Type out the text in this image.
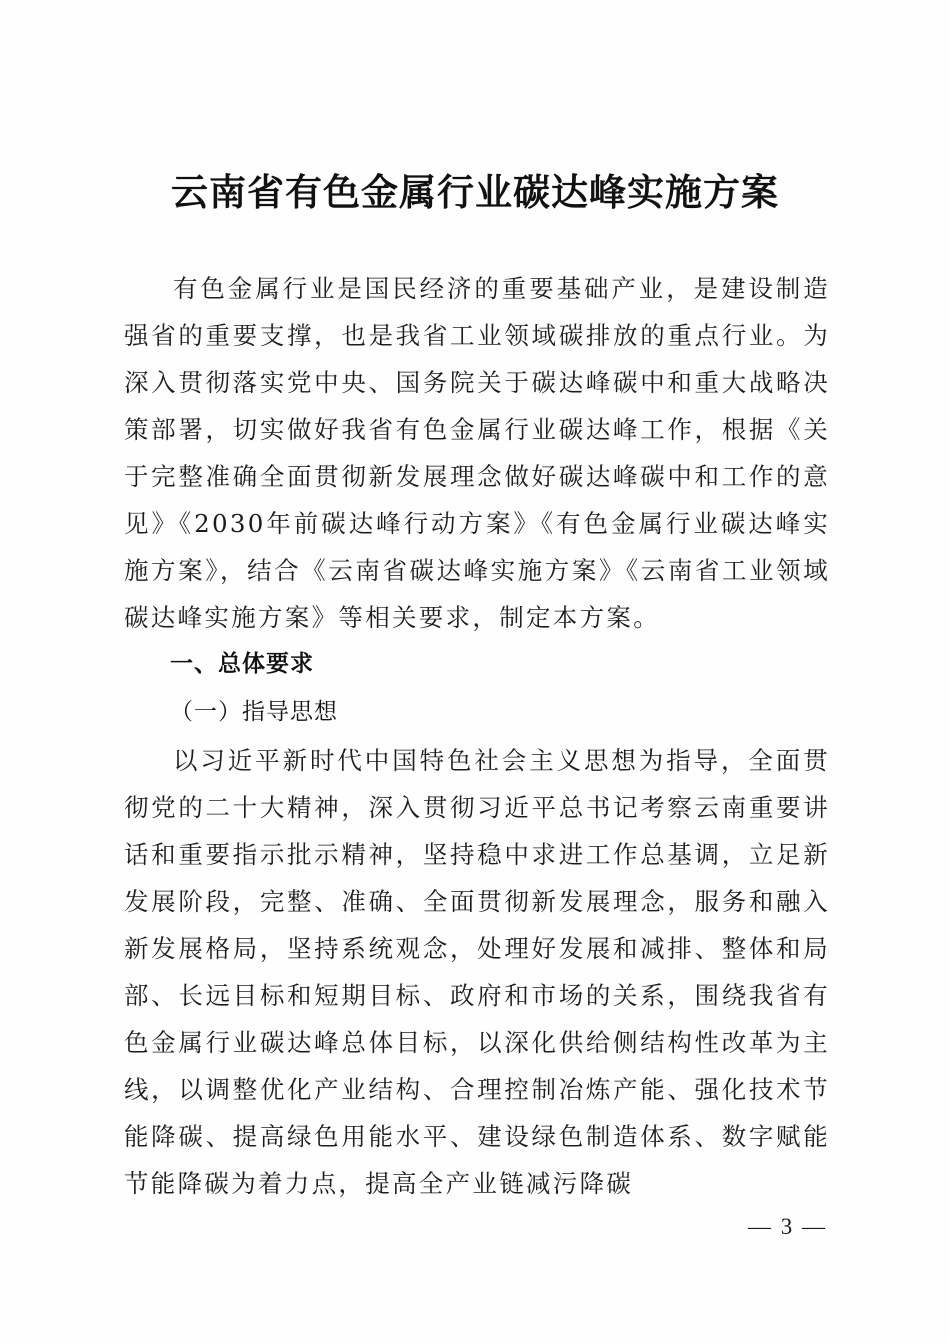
云南省有色金属行业碳达峰实施方案

有色金属行业是国民经济的重要基础产业，是建设制造强省的重要支撑，也是我省工业领域碳排放的重点行业。为深入贯彻落实党中央、国务院关于碳达峰碳中和重大战略决策部署，切实做好我省有色金属行业碳达峰工作，根据《关于完整准确全面贯彻新发展理念做好碳达峰碳中和工作的意见》《2030年前碳达峰行动方案》《有色金属行业碳达峰实施方案》，结合《云南省碳达峰实施方案》《云南省工业领域碳达峰实施方案》等相关要求，制定本方案。

一、总体要求

（一）指导思想

以习近平新时代中国特色社会主义思想为指导，全面贯彻党的二十大精神，深入贯彻习近平总书记考察云南重要讲话和重要指示批示精神，坚持稳中求进工作总基调，立足新发展阶段，完整、准确、全面贯彻新发展理念，服务和融入新发展格局，坚持系统观念，处理好发展和减排、整体和局部、长远目标和短期目标、政府和市场的关系，围绕我省有色金属行业碳达峰总体目标，以深化供给侧结构性改革为主线，以调整优化产业结构、合理控制冶炼产能、强化技术节能降碳、提高绿色用能水平、建设绿色制造体系、数字赋能节能降碳为着力点，提高全产业链减污降碳

— 3 —
